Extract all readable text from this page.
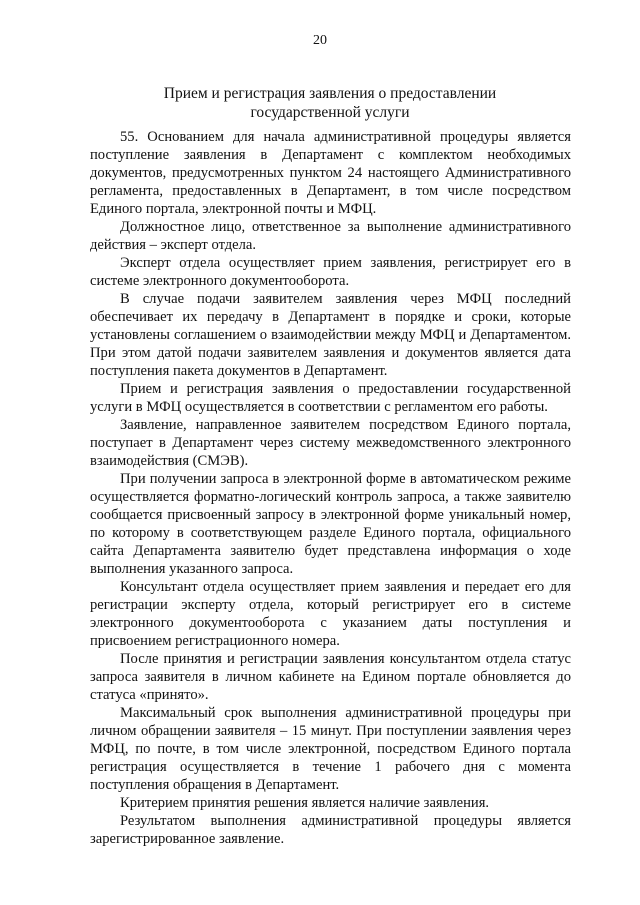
20
Прием и регистрация заявления о предоставлении
государственной услуги

55. Основанием для начала административной процедуры является поступление заявления в Департамент с комплектом необходимых документов, предусмотренных пунктом 24 настоящего Административного регламента, предоставленных в Департамент, в том числе посредством Единого портала, электронной почты и МФЦ.

Должностное лицо, ответственное за выполнение административного действия – эксперт отдела.

Эксперт отдела осуществляет прием заявления, регистрирует его в системе электронного документооборота.

В случае подачи заявителем заявления через МФЦ последний обеспечивает их передачу в Департамент в порядке и сроки, которые установлены соглашением о взаимодействии между МФЦ и Департаментом. При этом датой подачи заявителем заявления и документов является дата поступления пакета документов в Департамент.

Прием и регистрация заявления о предоставлении государственной услуги в МФЦ осуществляется в соответствии с регламентом его работы.

Заявление, направленное заявителем посредством Единого портала, поступает в Департамент через систему межведомственного электронного взаимодействия (СМЭВ).

При получении запроса в электронной форме в автоматическом режиме осуществляется форматно-логический контроль запроса, а также заявителю сообщается присвоенный запросу в электронной форме уникальный номер, по которому в соответствующем разделе Единого портала, официального сайта Департамента заявителю будет представлена информация о ходе выполнения указанного запроса.

Консультант отдела осуществляет прием заявления и передает его для регистрации эксперту отдела, который регистрирует его в системе электронного документооборота с указанием даты поступления и присвоением регистрационного номера.

После принятия и регистрации заявления консультантом отдела статус запроса заявителя в личном кабинете на Едином портале обновляется до статуса «принято».

Максимальный срок выполнения административной процедуры при личном обращении заявителя – 15 минут. При поступлении заявления через МФЦ, по почте, в том числе электронной, посредством Единого портала регистрация осуществляется в течение 1 рабочего дня с момента поступления обращения в Департамент.

Критерием принятия решения является наличие заявления.

Результатом выполнения административной процедуры является зарегистрированное заявление.
